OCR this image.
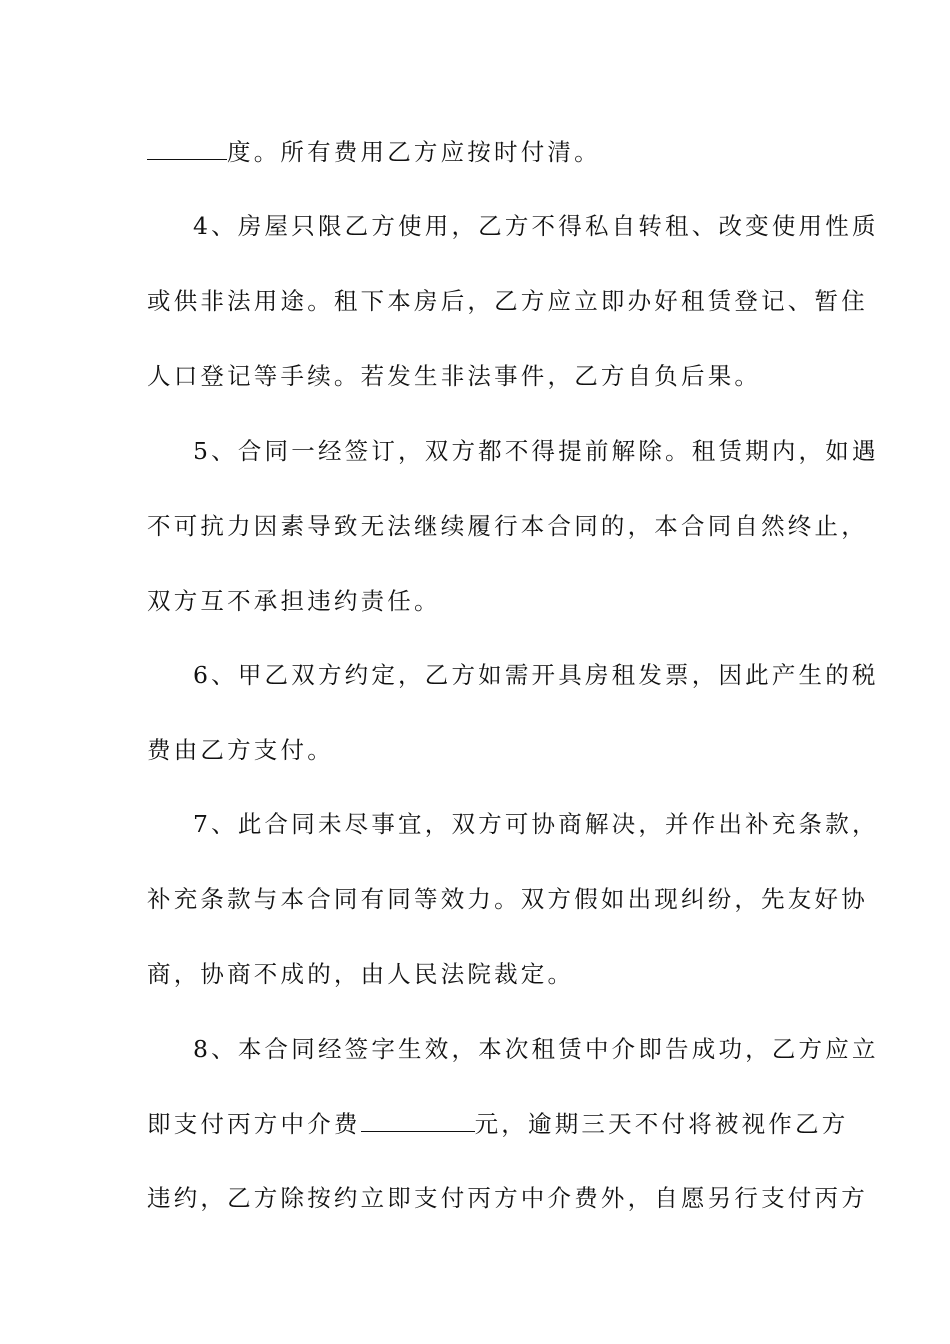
度。所有费用乙方应按时付清。
4、房屋只限乙方使用，乙方不得私自转租、改变使用性质
或供非法用途。租下本房后，乙方应立即办好租赁登记、暂住
人口登记等手续。若发生非法事件，乙方自负后果。
5、合同一经签订，双方都不得提前解除。租赁期内，如遇
不可抗力因素导致无法继续履行本合同的，本合同自然终止，
双方互不承担违约责任。
6、甲乙双方约定，乙方如需开具房租发票，因此产生的税
费由乙方支付。
7、此合同未尽事宜，双方可协商解决，并作出补充条款，
补充条款与本合同有同等效力。双方假如出现纠纷，先友好协
商，协商不成的，由人民法院裁定。
8、本合同经签字生效，本次租赁中介即告成功，乙方应立
即支付丙方中介费	元，逾期三天不付将被视作乙方
违约，乙方除按约立即支付丙方中介费外，自愿另行支付丙方
